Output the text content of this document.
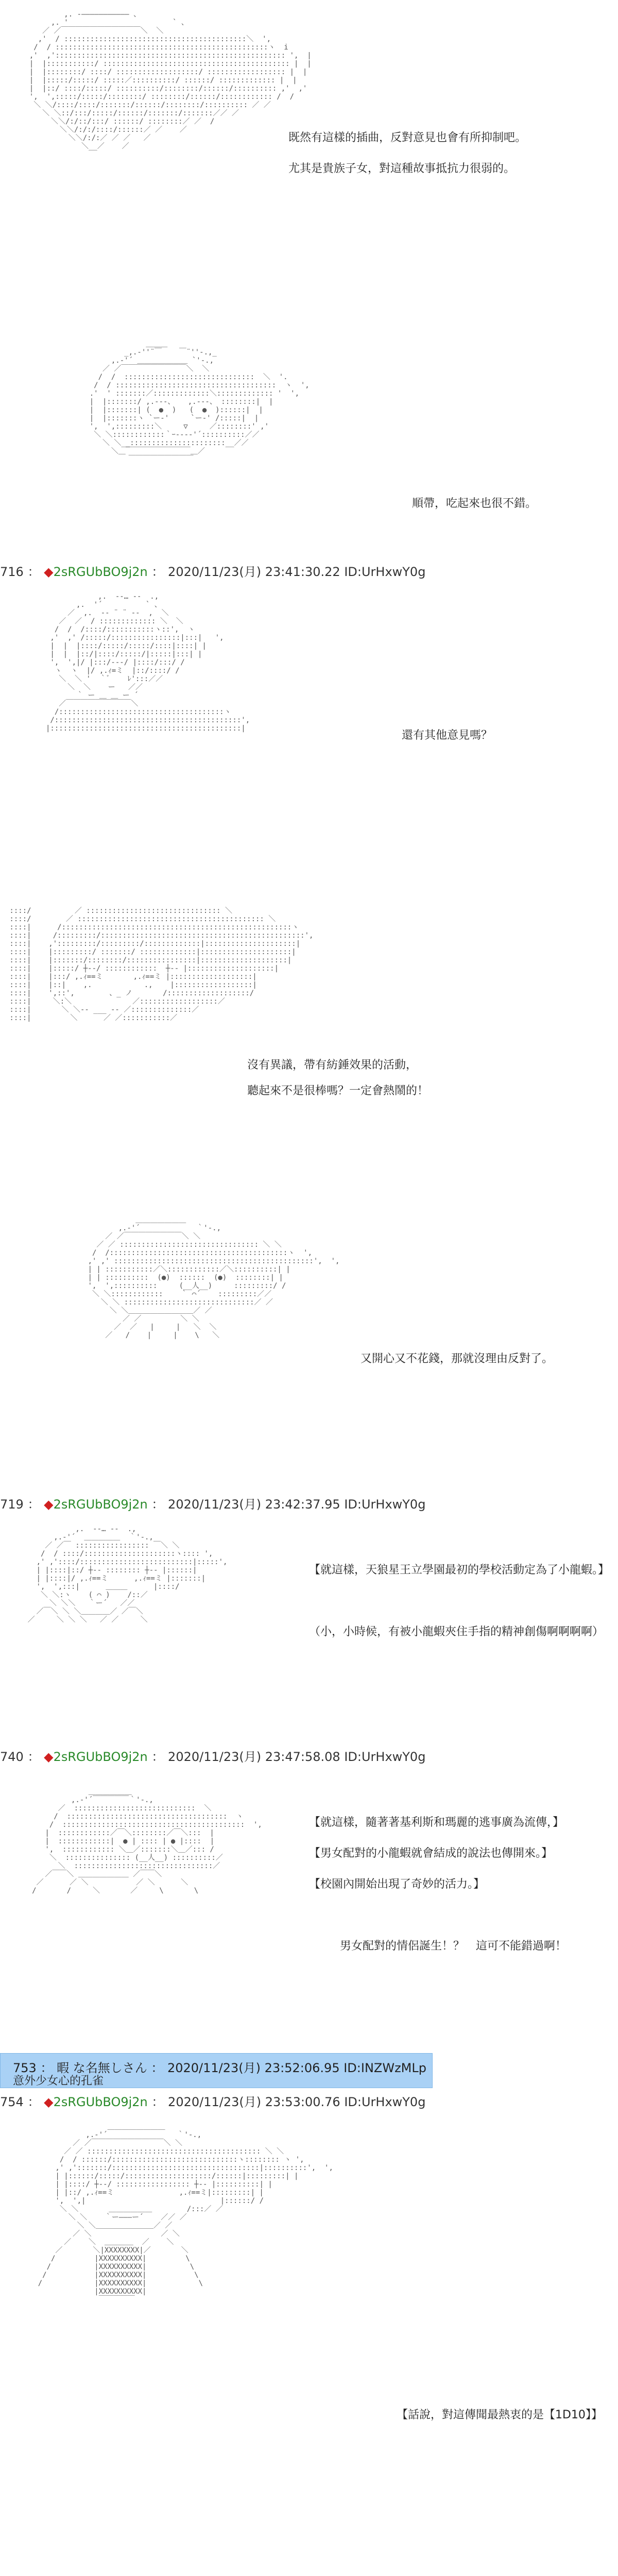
,. -――――――――――― 、
,. '                        ` 、
／ ／￣￣￣￣￣￣￣￣￣￣￣＼  ＼
,'  / ::::::::::::::::::::::::::::::::::::::::::＼  ',
/  / :::::::::::::::::::::::::::::::::::::::::::::::::ヽ  i
,'  ,'::::::::::::::::::::::::::::::::::::::::::::::::::::: ',  |
|  |:::::::::::/ ::::::::::::::::::::::::::::::::::::::::::: |  |
|  |::::::::/ ::::/ :::::::::::::::::::/ :::::::::::::::::: |  |
|  |:::::/:::::/ :::::／::::::::::/ ::::::/ ::::::::::::: |  |
|  |::/ ::::/:::::/ ::::::::::/::::::::/::::::/:::::::::: ,'  ,'
',  ',:::::/:::::/::::::::/ ::::::::/::::::/:::::::::::: /  /
＼ ＼/::::/::::/:::::::/::::::/::::::::/:::::::::: ／ ／
＼ ＼::/:::/:::::/::::::/:::::::/:::::::／／ ／
＼＼/:/::/:::/ ::::::/ ::::::::／ ／  /
＼＼/:/:/::::/::::::／ ／    ／
＼＼/:/:／ ／ ／   ／
＼__／    ／

既然有這樣的插曲，反對意見也會有所抑制吧。
尤其是貴族子女，對這種故事抵抗力很弱的。
＿＿＿
_,.-''¨￣    ￣¨''-.,_
,.-'´ ＿＿＿＿＿＿＿ `'-.,
／ ／￣￣￣￣￣￣￣￣￣＼  ＼
/  /  ::::::::::::::::::::::::::::::  ＼  '.
/  / :::::::::::::::::::::::::::::::::::::  ヽ  ',
.'  ' :::::::／:::::::::::::＼::::::::::::: '  ',
|  |:::::::/ ,.-‐-、   ,.-‐-、 ::::::::|  |
|  |:::::::| (  ●  )   (  ●  )::::::|  |
|  |:::::::ヽ `ー‐'     `ー‐' /:::::|  |
',  ',:::::::::＼     ▽     ／::::::::' ,'
＼ ＼::::::::::::｀ｰ--‐‐'´::::::::::／／
＼ ＼__::::::::::::::::::::::__／／
＼＿￣￣￣￣￣￣￣￣￣＿／
￣￣￣￣￣￣￣￣￣

順帶，吃起來也很不錯。
716 ： ◆2sRGUbBO9j2n ： 2020/11/23(月) 23:41:30.22 ID:UrHxwY0g
,.  -‐… ‐-  .,
,.  '´          ` 、
／  ,.  -‐ ¨ ¨ ‐-  ,  ＼
／  ／  / ::::::::::::: ＼  ＼
/  /  /::::/:::::::::::ヽ::',  ヽ
,'  ,' /:::::/::::::::::::::::|:::|   ',
|  |  |::::/:::::/:::::/::::|::::| |
|  |  |::/|::::/:::::/|:::::|:::| |
',  ',|/ |:::/-‐‐/ |::::/:::/ /
ヽ  ヽ  |/ ,.ｨ=ミ  |::/::::/ /
＼  ＼ '  ｀ﾞ    ﾚ':::／／
＼  ＼    ー   ／／
｀ ー ＿ ＿ ー ´
／￣￣￣￣￣￣￣￣￣＼
/::::::::::::::::::::::::::::::::::::::ヽ
/:::::::::::::::::::::::::::::::::::::::::::',
|::::::::::::::::::::::::::::::::::::::::::::|

還有其他意見嗎？
::::/          ／ ::::::::::::::::::::::::::::::: ＼
::::/        ／ ::::::::::::::::::::::::::::::::::::::::::: ＼
::::|      /:::::::::::::::::::::::::::::::::::::::::::::::::::::ヽ
::::|     /:::::::::/:::::::::::::::::::::::::::::::::::::::::::::::',
::::|    ,':::::::::/:::::::::/:::::::::::::|:::::::::::::::::::::|
::::|    |:::::::::/ :::::::/ :::::::::::::|:::::::::::::::::::::|
::::|    |:::::::/::::::::/::::::::::::::::|::::::::::::::::::::|
::::|    |:::::/ ┼‐‐/ ::::::::::::  ┼‐‐ |::::::::::::::::::::|
::::|    |:::/ ,.ｨ==ミ       ,.ｨ==ミ |:::::::::::::::::::|
::::|    |::|    ,.            .,    |::::::::::::::::::|
::::|    ',::',        、_ ノ       /:::::::::::::::::::/
::::|     ＼:＼              ／::::::::::::::::::／
::::|       ＼ ＼‐- ___ -‐ ／::::::::::::::／
::::|         ＼      ／ ／:::::::::::／

沒有異議，帶有紡錘效果的活動，
聽起來不是很棒嗎？一定會熱鬧的！
＿＿＿＿＿＿＿
,.-'´             ｀'-.,
／ ／￣￣￣￣￣￣￣￣＼ ＼
／ ／ :::::::::::::::::::::::::::::::: ＼ ＼
/  /:::::::::::::::::::::::::::::::::::::::::ヽ  ',
,' ,' ::::::::::::::::::::::::::::::::::::::::::::::',  ',
| | :::::::::::／＼::::::::::::／＼::::::::::| |
| | ::::::::::  (●)  ::::::  (●)  ::::::::| |
',  ',::::::::::     (__人__)     :::::::::/ /
＼ ＼::::::::::::    ｀ ⌒´    :::::::::／／
＼ ＼ ::::::::::::::::::::::::::::::／ ／
＼ ＼＿＿＿＿＿＿＿＿＿／ ／
／ ／         ＼ ＼
／  ／   |     |   ＼  ＼
／   /    |     |    \   ＼

又開心又不花錢，那就沒理由反對了。
719 ： ◆2sRGUbBO9j2n ： 2020/11/23(月) 23:42:37.95 ID:UrHxwY0g
,.  -‐… ‐-  .,
,.-'´  ＿＿＿＿＿  ｀'-.,
／ ／￣ ::::::::::::::::: ￣＼ ＼
/  / ::::/:::::::::::::::::::::ヽ:::: ',
,' ,'::::/::::::::::::::::::::::::::|:::::',
| |::::|::/ ┼‐‐ :::::::: ┼‐‐ |::::::|
| |::::|/ ,.ｨ==ミ      ,.ｨ==ミ |:::::::|
',  ',:::|      ＿＿＿      |::::/
＼ ＼:ヽ    ( ⌒ )    /::／
＼ ＼＼   ｀ー´   ／／
／￣＼ ＼ ＼＿＿＿＿／ ／￣＼
／     ＼ ＼ ＼   ／ ／     ＼

【就這樣，天狼星王立學園最初的學校活動定為了小龍蝦。】
（小，小時候，有被小龍蝦夾住手指的精神創傷啊啊啊啊）
740 ： ◆2sRGUbBO9j2n ： 2020/11/23(月) 23:47:58.08 ID:UrHxwY0g
＿＿＿＿＿＿
,.-'´￣￣￣￣￣｀'-.,
／  ::::::::::::::::::::::::::::  ＼
/  :::::::::::::::::::::::::::::::::::::  ヽ
/  ::::::::::::::::::::::::::::::::::::::::::  ',
|  ::::::::::::／￣＼::::::::／￣＼:::  |
|  ::::::::::::|  ● | :::: | ● |::::  |
',  :::::::::::: ＼＿／:::::::＼＿／::: /
＼  ::::::::::::::: (__人__) ::::::::::／
＼  ::::::::::::::::::::::::::::::::／
／￣￣＼ ＿＿＿＿＿＿＿ ／￣￣＼
／      ／ ＼           ／ ＼      ＼
/       /     ＼       ／     \       \

【就這樣，隨著著基利斯和瑪麗的逃事廣為流傳，】
【男女配對的小龍蝦就會結成的說法也傳開來。】
【校園內開始出現了奇妙的活力。】
男女配對的情侶誕生！？　這可不能錯過啊！
753 ： 暇 な名無しさん ： 2020/11/23(月) 23:52:06.95 ID:INZWzMLp
意外少女心的孔雀
754 ： ◆2sRGUbBO9j2n ： 2020/11/23(月) 23:53:00.76 ID:UrHxwY0g
＿＿＿＿＿＿＿＿
,.-'´                ｀'-.,
／ ／￣￣￣￣￣￣￣￣￣￣＼ ＼
／ ／ :::::::::::::::::::::::::::::::::::::::: ＼ ＼
/  / ::::::/:::::::::::::::::::::::::::::ヽ:::::::: ヽ ',
,' ,':::::::/::::::::::::::::::::::::::::::::::|::::::::::',  ',
| |::::::/:::::/::::::::::::::::::::/::::::|:::::::::| |
| |::::/ ┼‐‐/ ::::::::::::::::: ┼‐‐ |::::::::::| |
| |::/ ,.ｨ==ミ               ,.ｨ==ミ|:::::::::| |
',  ',|                               |::::::/ /
＼ ＼       ＿＿＿＿＿＿        /:::／ ／
＼ ＼    ｀ー―――ー´    ／／ ／
＼ ＼＿＿＿＿＿＿＿＿／ ／
／ ＼                ／ ＼
／    ＼  ＿＿＿＿  ／    ＼
／       ＼|XXXXXXXX|／       ＼
/         |XXXXXXXXXX|         \
/          |XXXXXXXXXX|          \
/           |XXXXXXXXXX|           \
/            |XXXXXXXXXX|            \
|XXXXXXXXXX|
￣￣￣￣￣

【話說，對這傳聞最熱衷的是【1D10】】
